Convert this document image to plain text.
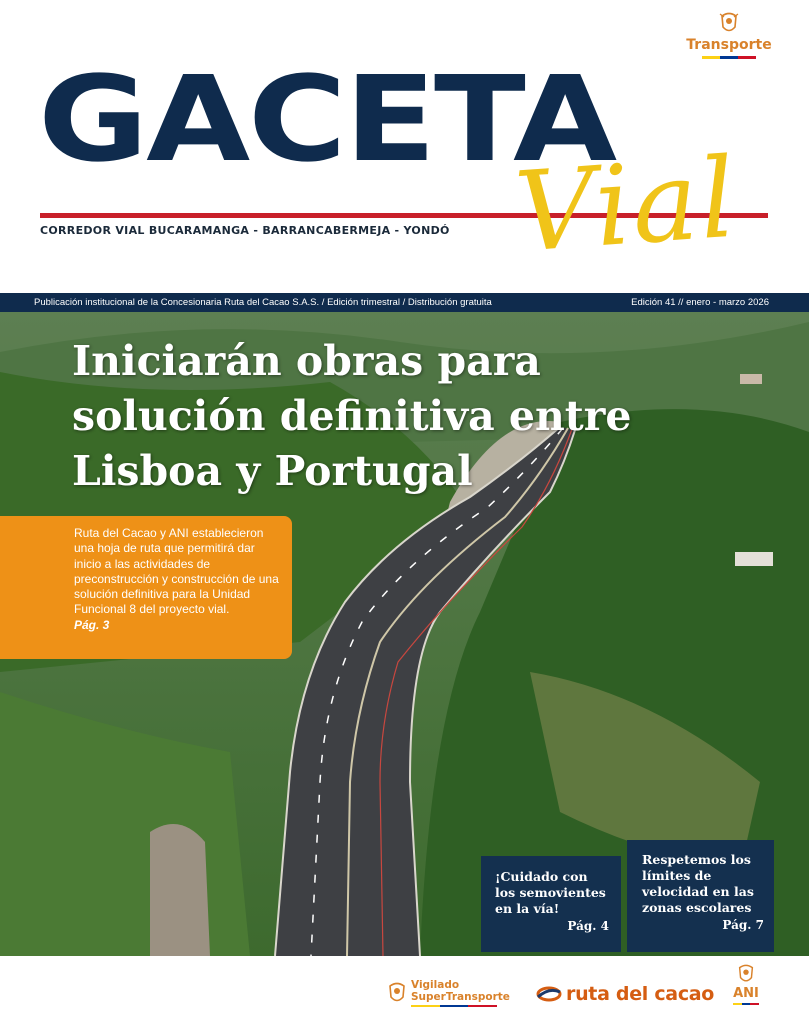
Transporte
GACETA
CORREDOR VIAL BUCARAMANGA - BARRANCABERMEJA - YONDÓ Vial
Publicación institucional de la Concesionaria Ruta del Cacao S.A.S. / Edición trimestral / Distribución gratuita	Edición 41 // enero - marzo 2026
Iniciarán obras para solución definitiva entre Lisboa y Portugal

Ruta del Cacao y ANI establecieron una hoja de ruta que permitirá dar inicio a las actividades de preconstrucción y construcción de una solución definitiva para la Unidad Funcional 8 del proyecto vial.

Pág. 3

¡Cuidado con los semovientes en la vía!

Pág. 4

Respetemos los límites de velocidad en las zonas escolares

Pág. 7

Vigilado
SuperTransporte	ruta del cacao ANI
